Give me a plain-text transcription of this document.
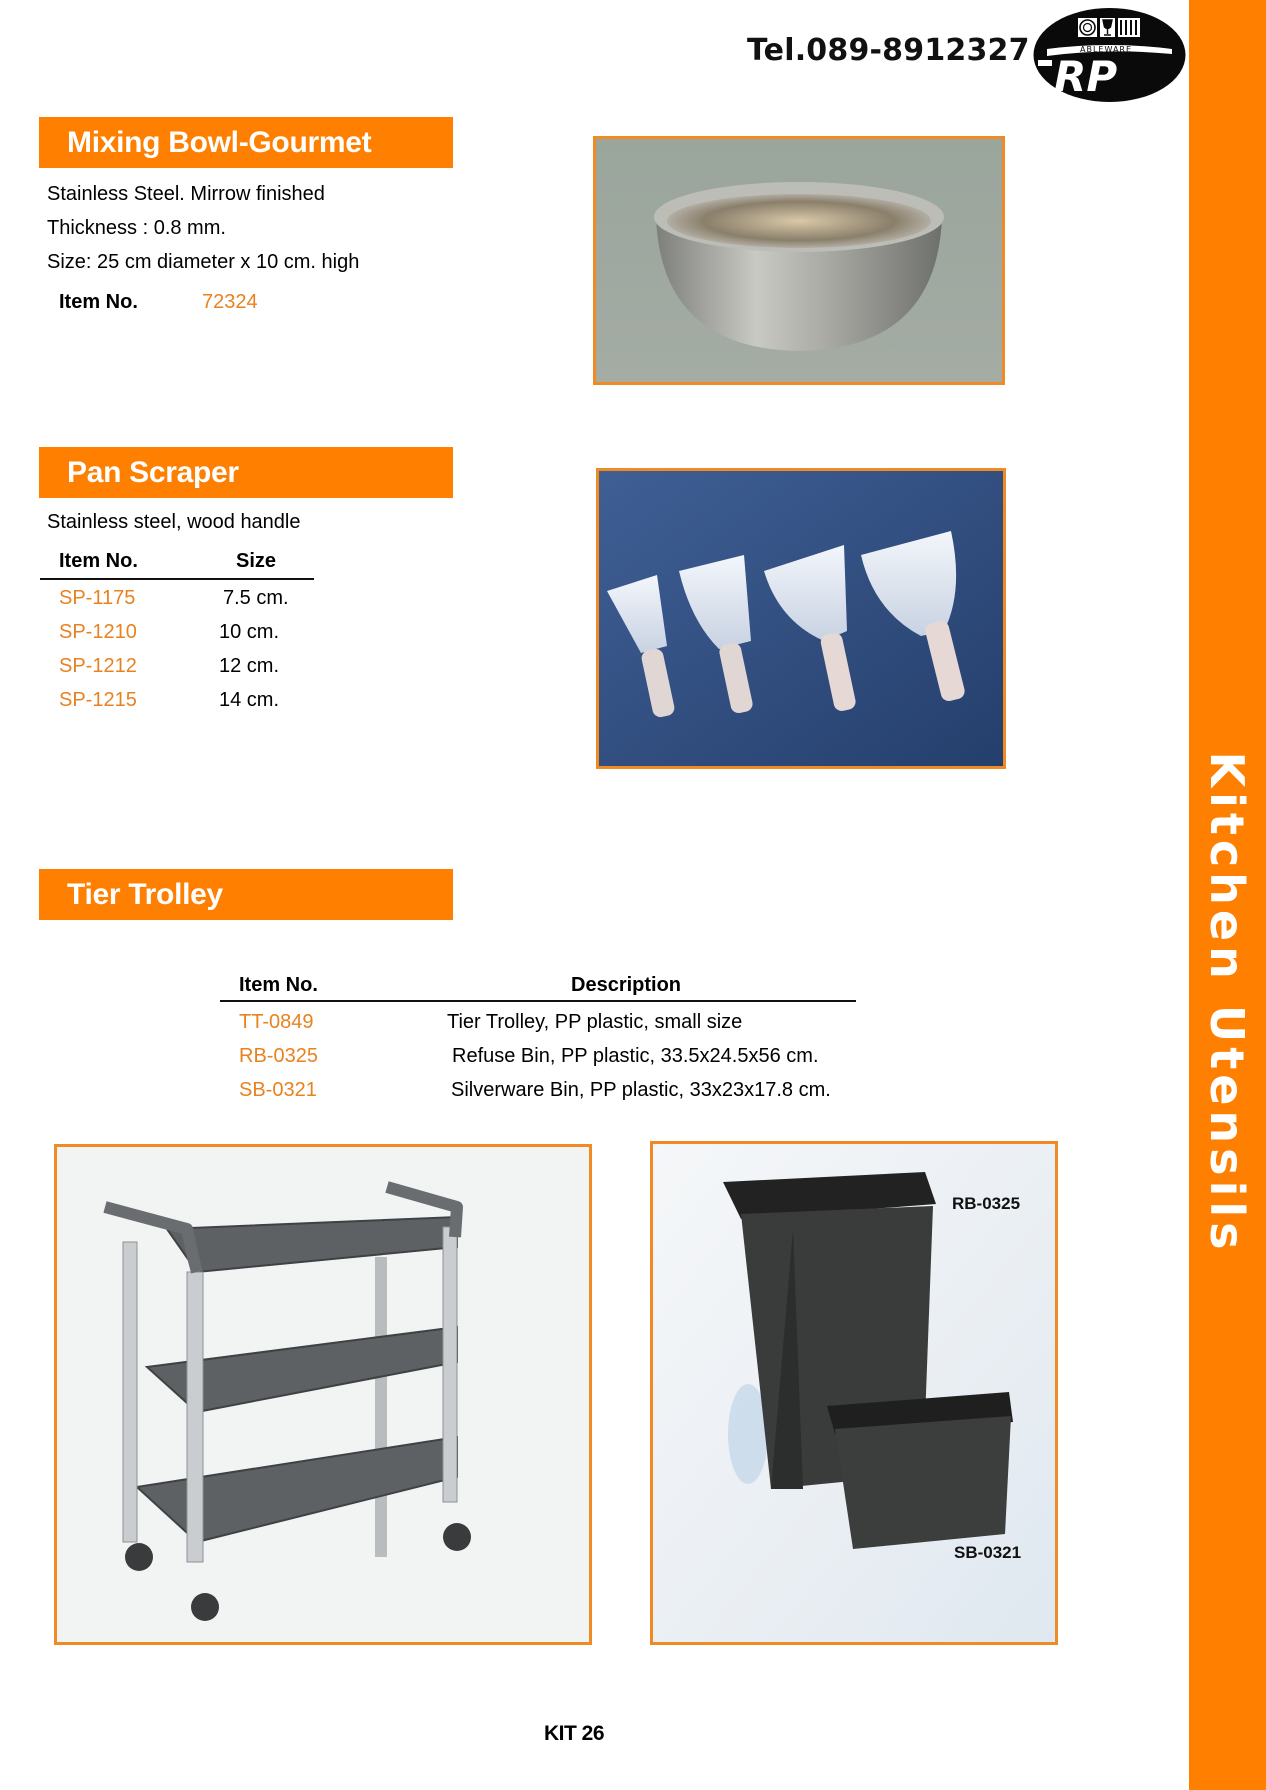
Kitchen Utensils
Tel.089-8912327	ABLEWARE
RP
Mixing Bowl-Gourmet
Stainless Steel. Mirrow finished
Thickness : 0.8 mm.
Size: 25 cm diameter x 10 cm. high
Item No.	72324
Pan Scraper
Stainless steel, wood handle
Item No.	Size
SP-1175	7.5 cm.
SP-1210	10 cm.
SP-1212	12 cm.
SP-1215	14 cm.
Tier Trolley
Item No.	Description
TT-0849	Tier Trolley, PP plastic, small size
RB-0325	Refuse Bin, PP plastic, 33.5x24.5x56 cm.
SB-0321	Silverware Bin, PP plastic, 33x23x17.8 cm.
RB-0325
SB-0321
KIT 26
